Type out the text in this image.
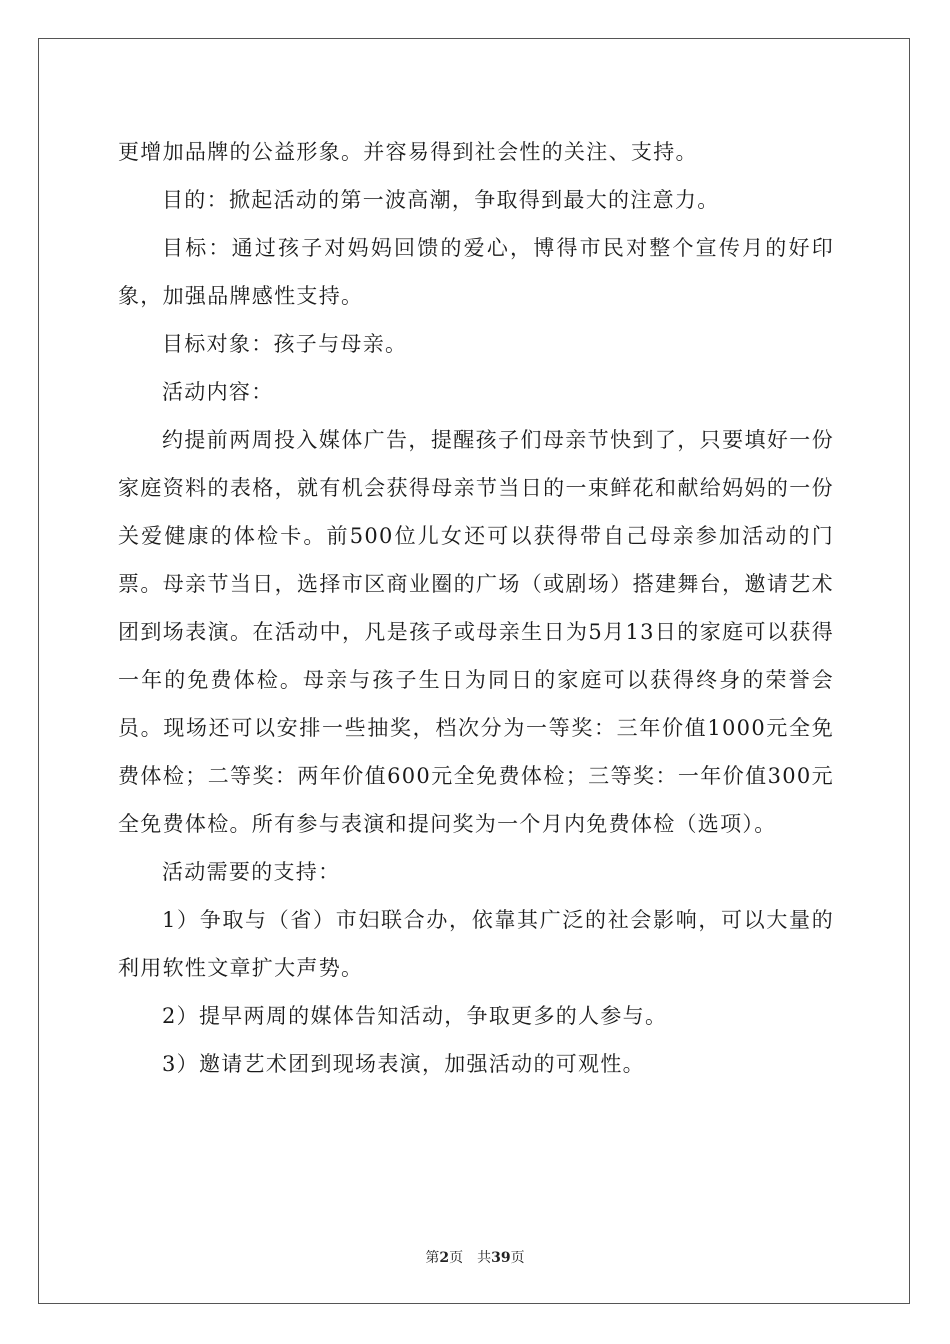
更增加品牌的公益形象。并容易得到社会性的关注、支持。

目的：掀起活动的第一波高潮，争取得到最大的注意力。

目标：通过孩子对妈妈回馈的爱心，博得市民对整个宣传月的好印象，加强品牌感性支持。

目标对象：孩子与母亲。

活动内容：

约提前两周投入媒体广告，提醒孩子们母亲节快到了，只要填好一份家庭资料的表格，就有机会获得母亲节当日的一束鲜花和献给妈妈的一份关爱健康的体检卡。前500位儿女还可以获得带自己母亲参加活动的门票。母亲节当日，选择市区商业圈的广场（或剧场）搭建舞台，邀请艺术团到场表演。在活动中，凡是孩子或母亲生日为5月13日的家庭可以获得一年的免费体检。母亲与孩子生日为同日的家庭可以获得终身的荣誉会员。现场还可以安排一些抽奖，档次分为一等奖：三年价值1000元全免费体检；二等奖：两年价值600元全免费体检；三等奖：一年价值300元全免费体检。所有参与表演和提问奖为一个月内免费体检（选项）。

活动需要的支持：

1）争取与（省）市妇联合办，依靠其广泛的社会影响，可以大量的利用软性文章扩大声势。

2）提早两周的媒体告知活动，争取更多的人参与。

3）邀请艺术团到现场表演，加强活动的可观性。

第2页 共39页
